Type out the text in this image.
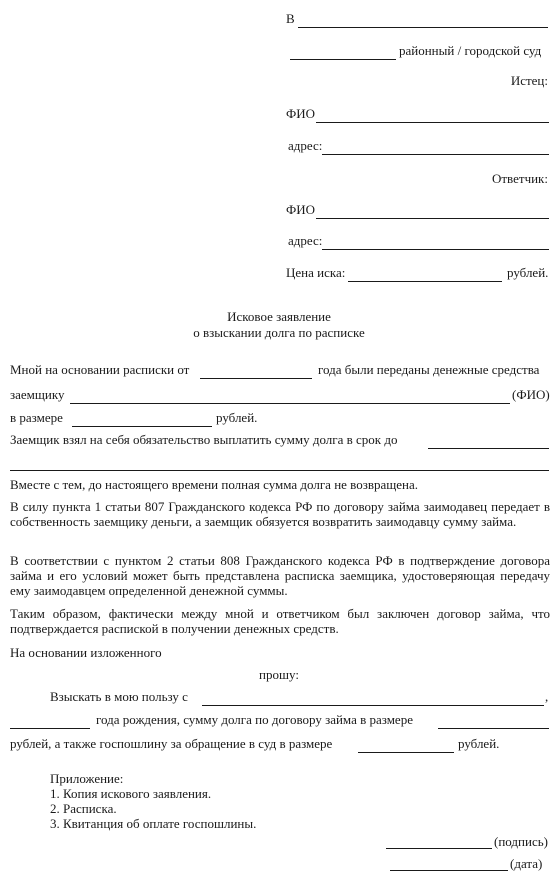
В
районный / городской суд
Истец:
ФИО
адрес:
Ответчик:
ФИО
адрес:
Цена иска:	рублей.
Исковое заявление
о взыскании долга по расписке
Мной на основании расписки от	года были переданы денежные средства
заемщику	(ФИО)
в размере	рублей.
Заемщик взял на себя обязательство выплатить сумму долга в срок до
Вместе с тем, до настоящего времени полная сумма долга не возвращена.
В силу пункта 1 статьи 807 Гражданского кодекса РФ по договору займа заимодавец передает в собственность заемщику деньги, а заемщик обязуется возвратить заимодавцу сумму займа.
В соответствии с пунктом 2 статьи 808 Гражданского кодекса РФ в подтверждение договора займа и его условий может быть представлена расписка заемщика, удостоверяющая передачу ему заимодавцем определенной денежной суммы.
Таким образом, фактически между мной и ответчиком был заключен договор займа, что подтверждается распиской в получении денежных средств.
На основании изложенного
прошу:
Взыскать в мою пользу с	,
года рождения, сумму долга по договору займа в размере
рублей, а также госпошлину за обращение в суд в размере	рублей.
Приложение:
1. Копия искового заявления.
2. Расписка.
3. Квитанция об оплате госпошлины.
(подпись)
(дата)
